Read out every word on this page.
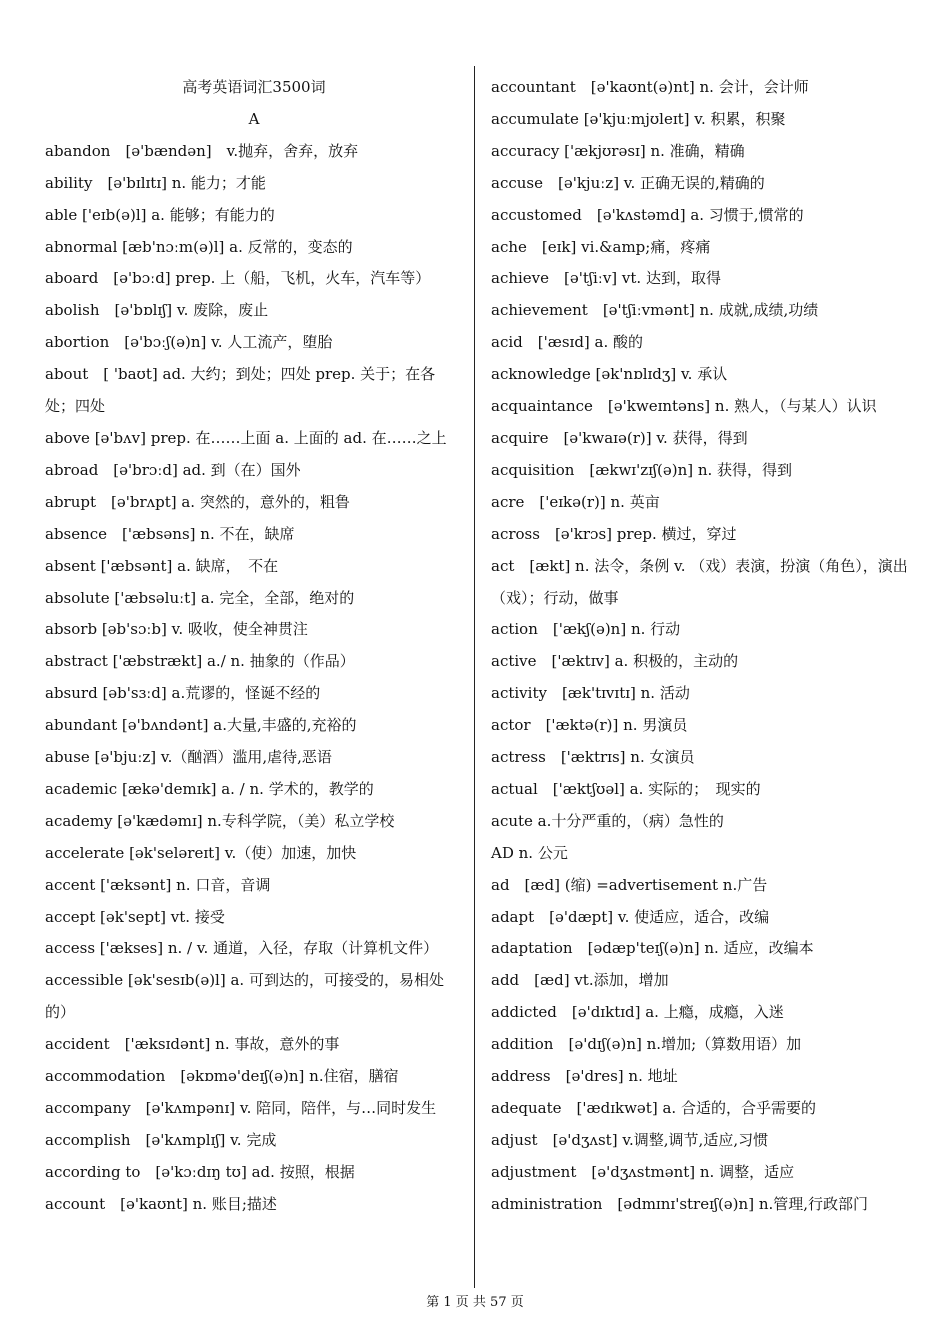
高考英语词汇3500词

A

abandon　[ə'bændən]　v.抛弃，舍弃，放弃

ability　[ə'bɪlɪtɪ] n. 能力；才能

able ['eɪb(ə)l] a. 能够；有能力的

abnormal [æb'nɔːm(ə)l] a. 反常的，变态的

aboard　[ə'bɔːd] prep. 上（船，飞机，火车，汽车等）

abolish　[ə'bɒlɪʃ] v. 废除，废止

abortion　[ə'bɔːʃ(ə)n] v. 人工流产，堕胎

about　[ 'baʊt] ad. 大约；到处；四处 prep. 关于；在各处；四处

above [ə'bʌv] prep. 在……上面 a. 上面的 ad. 在……之上

abroad　[ə'brɔːd] ad. 到（在）国外

abrupt　[ə'brʌpt] a. 突然的，意外的，粗鲁

absence　['æbsəns] n. 不在，缺席

absent ['æbsənt] a. 缺席，　不在

absolute ['æbsəluːt] a. 完全，全部，绝对的

absorb [əb'sɔːb] v. 吸收，使全神贯注

abstract ['æbstrækt] a./ n. 抽象的（作品）

absurd [əb'sɜːd] a.荒谬的，怪诞不经的

abundant [ə'bʌndənt] a.大量,丰盛的,充裕的

abuse [ə'bjuːz] v.（酗酒）滥用,虐待,恶语

academic [ækə'demɪk] a. / n. 学术的，教学的

academy [ə'kædəmɪ] n.专科学院，（美）私立学校

accelerate [ək'seləreɪt] v.（使）加速，加快

accent ['æksənt] n. 口音，音调

accept [ək'sept] vt. 接受

access ['ækses] n. / v. 通道，入径，存取（计算机文件）

accessible [ək'sesɪb(ə)l] a. 可到达的，可接受的，易相处的）

accident　['æksɪdənt] n. 事故，意外的事

accommodation　[əkɒmə'deɪʃ(ə)n] n.住宿，膳宿

accompany　[ə'kʌmpənɪ] v. 陪同，陪伴，与…同时发生

accomplish　[ə'kʌmplɪʃ] v. 完成

according to　[ə'kɔːdɪŋ tʊ] ad. 按照，根据

account　[ə'kaʊnt] n. 账目;描述

accountant　[ə'kaʊnt(ə)nt] n. 会计，会计师

accumulate [ə'kjuːmjʊleɪt] v. 积累，积聚

accuracy ['ækjʊrəsɪ] n. 准确，精确

accuse　[ə'kjuːz] v. 正确无误的,精确的

accustomed　[ə'kʌstəmd] a. 习惯于,惯常的

ache　[eɪk] vi.&amp;痛，疼痛

achieve　[ə'tʃiːv] vt. 达到，取得

achievement　[ə'tʃiːvmənt] n. 成就,成绩,功绩

acid　['æsɪd] a. 酸的

acknowledge [ək'nɒlɪdʒ] v. 承认

acquaintance　[ə'kweɪntəns] n. 熟人，（与某人）认识

acquire　[ə'kwaɪə(r)] v. 获得，得到

acquisition　[ækwɪ'zɪʃ(ə)n] n. 获得，得到

acre　['eɪkə(r)] n. 英亩

across　[ə'krɔs] prep. 横过，穿过

act　[ækt] n. 法令，条例 v. （戏）表演，扮演（角色），演出（戏）；行动，做事

action　['ækʃ(ə)n] n. 行动

active　['æktɪv] a. 积极的，主动的

activity　[æk'tɪvɪtɪ] n. 活动

actor　['æktə(r)] n. 男演员

actress　['æktrɪs] n. 女演员

actual　['æktʃʊəl] a. 实际的；　现实的

acute a.十分严重的，（病）急性的

AD n. 公元

ad　[æd] (缩) =advertisement n.广告

adapt　[ə'dæpt] v. 使适应，适合，改编

adaptation　[ədæp'teɪʃ(ə)n] n. 适应，改编本

add　[æd] vt.添加，增加

addicted　[ə'dɪktɪd] a. 上瘾，成瘾，入迷

addition　[ə'dɪʃ(ə)n] n.增加;（算数用语）加

address　[ə'dres] n. 地址

adequate　['ædɪkwət] a. 合适的，合乎需要的

adjust　[ə'dʒʌst] v.调整,调节,适应,习惯

adjustment　[ə'dʒʌstmənt] n. 调整，适应

administration　[ədmɪnɪ'streɪʃ(ə)n] n.管理,行政部门

第 1 页 共 57 页
